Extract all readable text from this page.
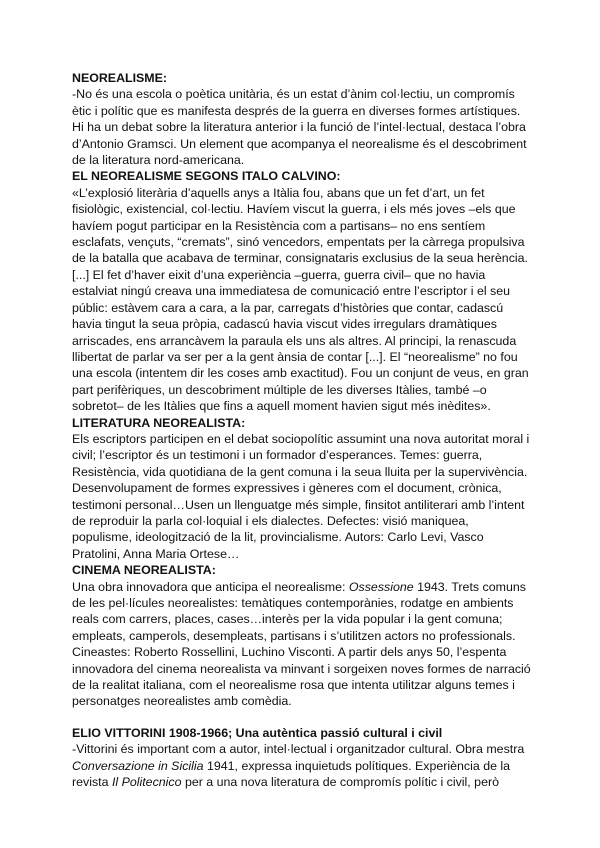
NEOREALISME:

-No és una escola o poètica unitària, és un estat d’ànim col·lectiu, un compromís ètic i polític que es manifesta després de la guerra en diverses formes artístiques. Hi ha un debat sobre la literatura anterior i la funció de l’intel·lectual, destaca l’obra d’Antonio Gramsci. Un element que acompanya el neorealisme és el descobriment de la literatura nord-americana.

EL NEOREALISME SEGONS ITALO CALVINO:

«L’explosió literària d’aquells anys a Itàlia fou, abans que un fet d’art, un fet fisiològic, existencial, col·lectiu. Havíem viscut la guerra, i els més joves –els que havíem pogut participar en la Resistència com a partisans– no ens sentíem esclafats, vençuts, “cremats”, sinó vencedors, empentats per la càrrega propulsiva de la batalla que acabava de terminar, consignataris exclusius de la seua herència. [...] El fet d’haver eixit d’una experiència –guerra, guerra civil– que no havia estalviat ningú creava una immediatesa de comunicació entre l’escriptor i el seu públic: estàvem cara a cara, a la par, carregats d’històries que contar, cadascú havia tingut la seua pròpia, cadascú havia viscut vides irregulars dramàtiques arriscades, ens arrancàvem la paraula els uns als altres. Al principi, la renascuda llibertat de parlar va ser per a la gent ànsia de contar [...]. El “neorealisme” no fou una escola (intentem dir les coses amb exactitud). Fou un conjunt de veus, en gran part perifèriques, un descobriment múltiple de les diverses Itàlies, també –o sobretot– de les Itàlies que fins a aquell moment havien sigut més inèdites».

LITERATURA NEOREALISTA:

Els escriptors participen en el debat sociopolític assumint una nova autoritat moral i civil; l’escriptor és un testimoni i un formador d’esperances. Temes: guerra, Resistència, vida quotidiana de la gent comuna i la seua lluita per la supervivència. Desenvolupament de formes expressives i gèneres com el document, crònica, testimoni personal…Usen un llenguatge més simple, finsitot antiliterari amb l’intent de reproduir la parla col·loquial i els dialectes. Defectes: visió maniquea, populisme, ideologització de la lit, provincialisme. Autors: Carlo Levi, Vasco Pratolini, Anna Maria Ortese…

CINEMA NEOREALISTA:

Una obra innovadora que anticipa el neorealisme: Ossessione 1943. Trets comuns de les pel·lícules neorealistes: temàtiques contemporànies, rodatge en ambients reals com carrers, places, cases…interès per la vida popular i la gent comuna; empleats, camperols, desempleats, partisans i s’utilitzen actors no professionals. Cineastes: Roberto Rossellini, Luchino Visconti. A partir dels anys 50, l’espenta innovadora del cinema neorealista va minvant i sorgeixen noves formes de narració de la realitat italiana, com el neorealisme rosa que intenta utilitzar alguns temes i personatges neorealistes amb comèdia.

ELIO VITTORINI 1908-1966; Una autèntica passió cultural i civil

-Vittorini és important com a autor, intel·lectual i organitzador cultural. Obra mestra Conversazione in Sicilia 1941, expressa inquietuds polítiques. Experiència de la revista Il Politecnico per a una nova literatura de compromís polític i civil, però
